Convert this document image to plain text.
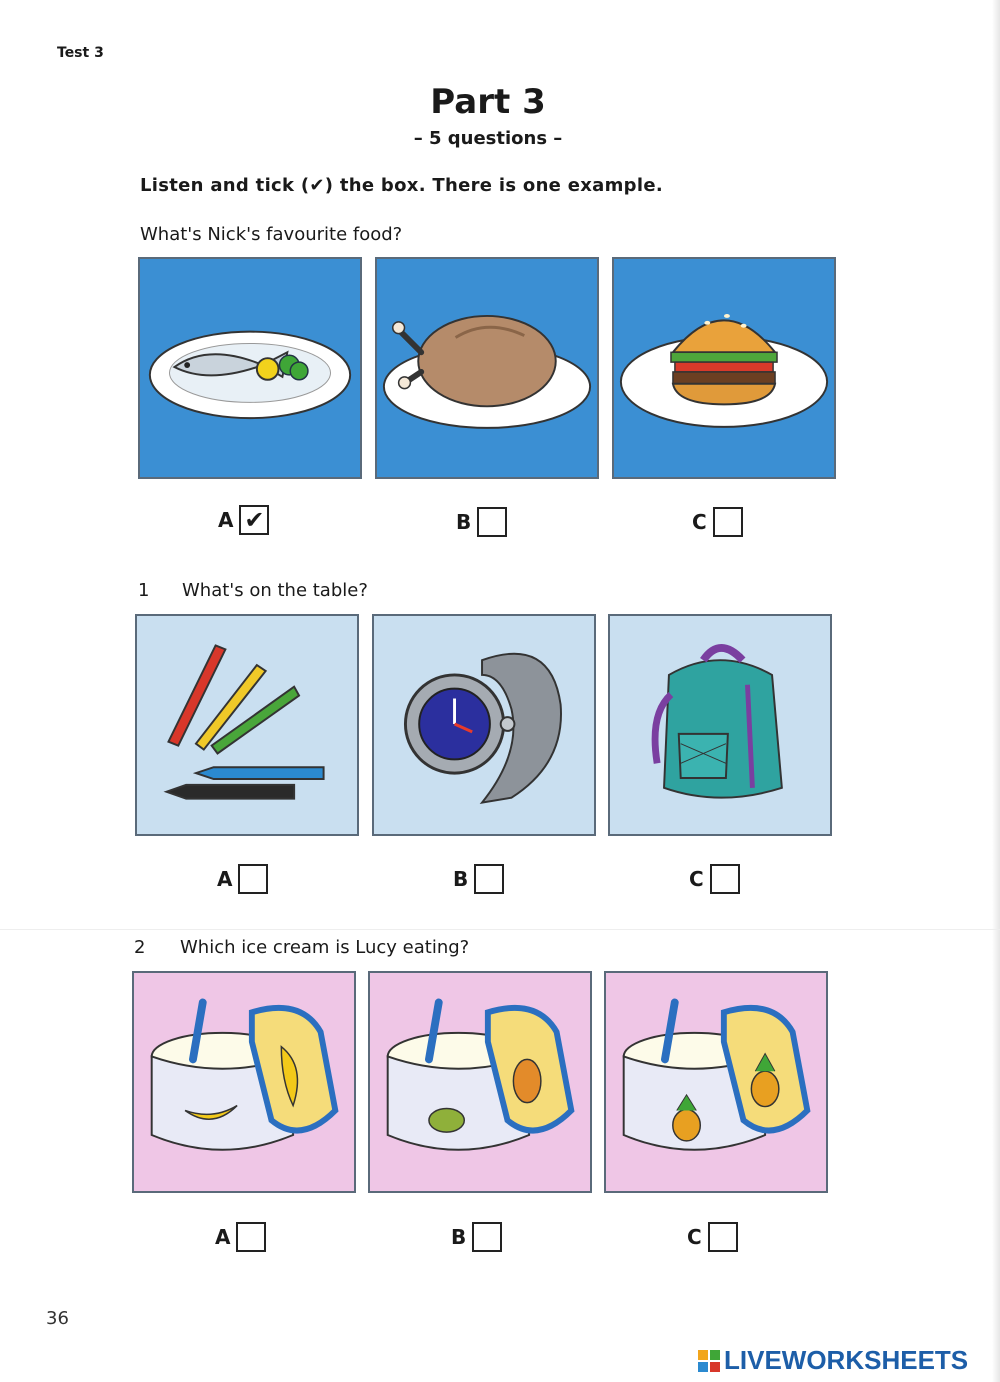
Test 3
Part 3
– 5 questions –
Listen and tick (✔) the box. There is one example.
What's Nick's favourite food?
A ✔	B	C
1 What's on the table?
A	B	C
2 Which ice cream is Lucy eating?
A	B	C
36
LIVEWORKSHEETS
